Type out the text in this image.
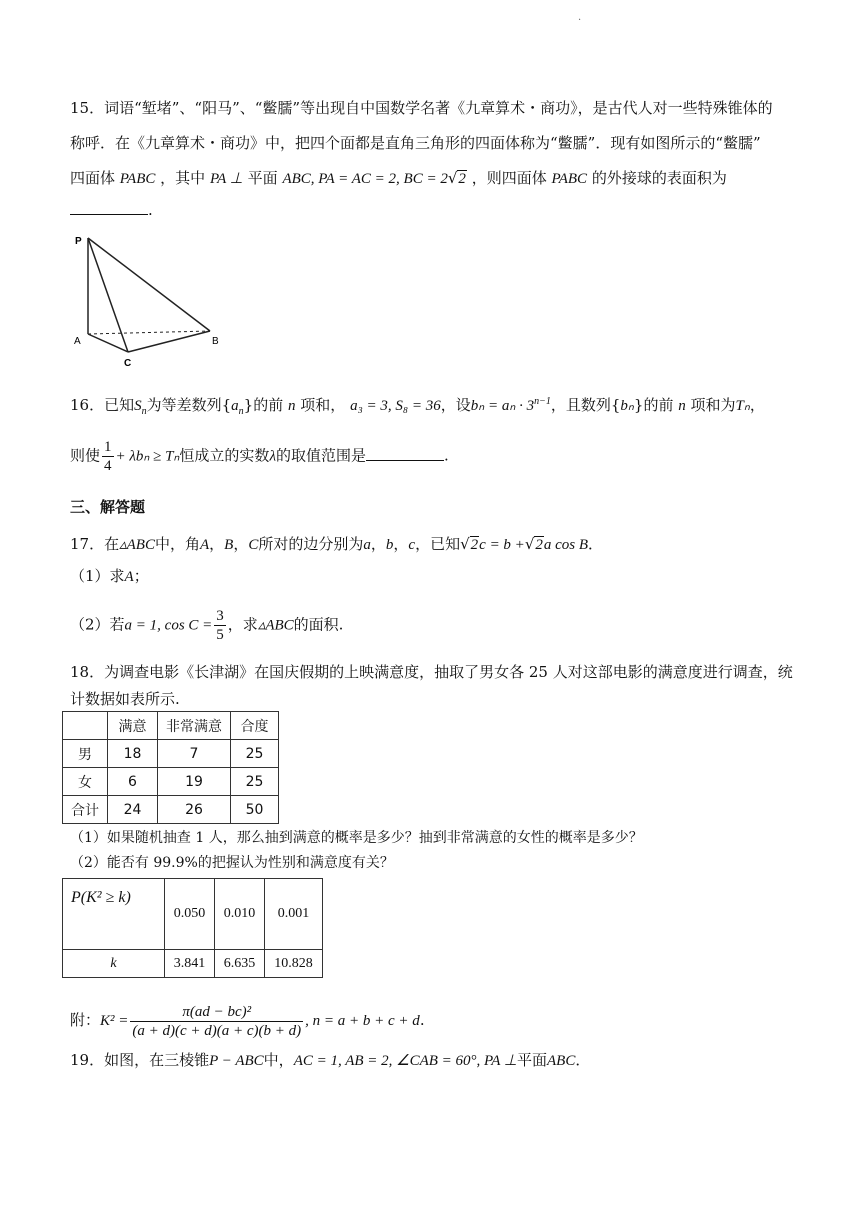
.
15．词语“堑堵”、“阳马”、“鳖臑”等出现自中国数学名著《九章算术・商功》，是古代人对一些特殊锥体的
称呼．在《九章算术・商功》中，把四个面都是直角三角形的四面体称为“鳖臑”．现有如图所示的“鳖臑”
四面体 PABC ，其中 PA ⊥ 平面 ABC, PA = AC = 2, BC = 2√2 ，则四面体 PABC 的外接球的表面积为
.
P
A	B
C
16．已知$S_n$为等差数列$\{a_n\}$的前 n 项和， a₃ = 3, S₈ = 36，设$b_n = a_n \cdot 3^{n-1}$，且数列{bₙ}的前 n 项和为Tₙ，
则使 $\frac{1}{4} + \lambda b_n \ge T_n$恒成立的实数λ的取值范围是	.
三、解答题
17．在▵ABC中，角A，B，C所对的边分别为a，b，c，已知√2c = b +√2a cos B．
（1）求A；
（2）若a = 1, $\cos C = \frac{3}{5}$ ，求▵ABC的面积.
18．为调查电影《长津湖》在国庆假期的上映满意度，抽取了男女各 25 人对这部电影的满意度进行调查，统
计数据如表所示.
	满意	非常满意	合度
男	18	7	25
女	6	19	25
合计	24	26	50
（1）如果随机抽查 1 人，那么抽到满意的概率是多少？抽到非常满意的女性的概率是多少？
（2）能否有 99.9%的把握认为性别和满意度有关？
P(K² ≥ k)	0.050	0.010	0.001
k	3.841	6.635	10.828
附：$K^2 = \frac{\text{π(ad − bc)²}}{(a + d)(c + d)(a + c)(b + d)}$ , n = a + b + c + d.
19．如图，在三棱锥P − ABC中，AC = 1, AB = 2, ∠CAB = 60°, PA ⊥平面ABC．
